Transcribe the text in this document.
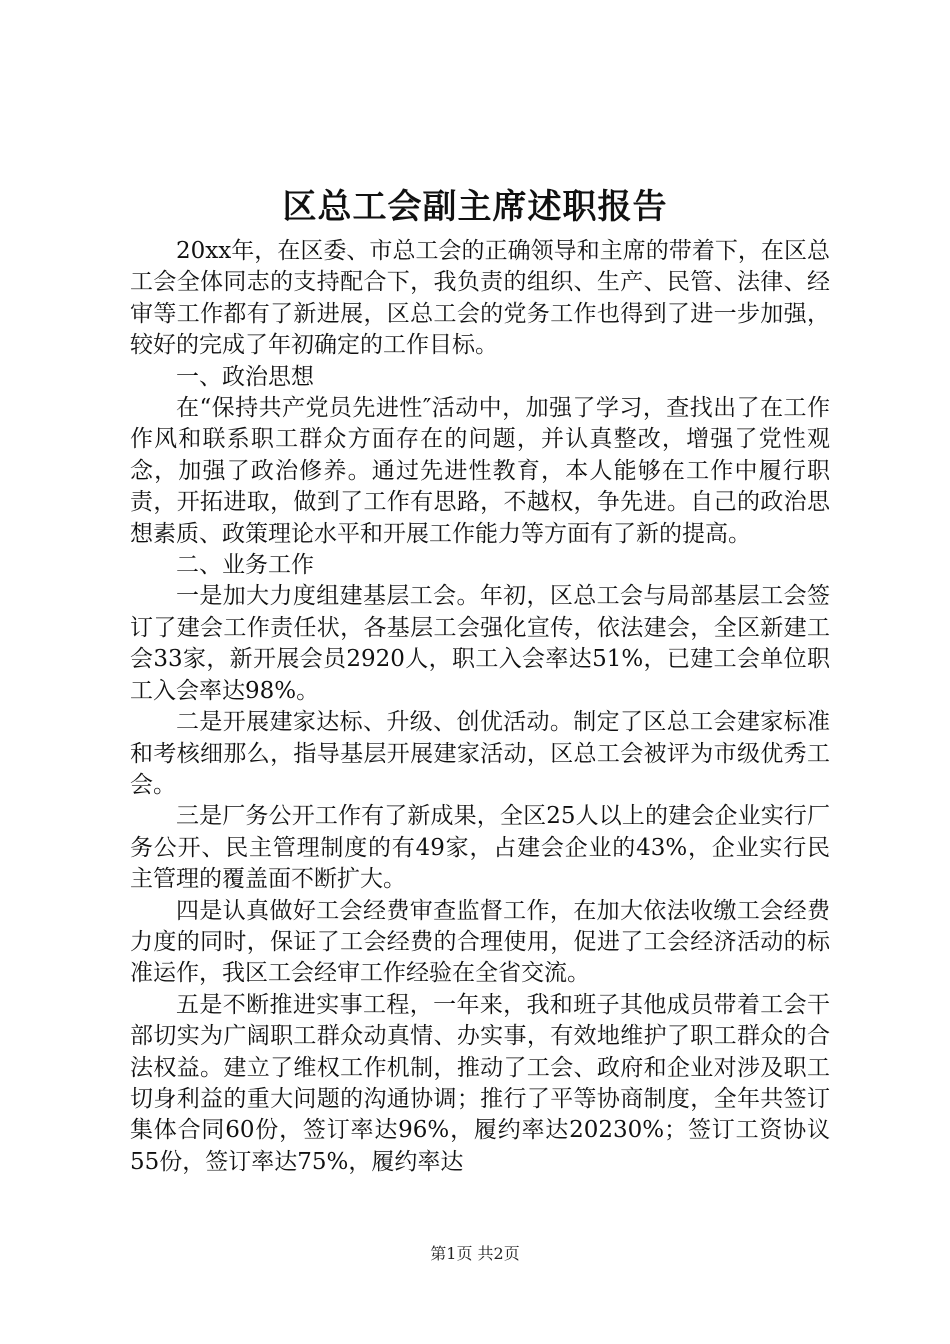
区总工会副主席述职报告

20xx年，在区委、市总工会的正确领导和主席的带着下，在区总工会全体同志的支持配合下，我负责的组织、生产、民管、法律、经审等工作都有了新进展，区总工会的党务工作也得到了进一步加强，较好的完成了年初确定的工作目标。

一、政治思想

在“保持共产党员先进性″活动中，加强了学习，查找出了在工作作风和联系职工群众方面存在的问题，并认真整改，增强了党性观念，加强了政治修养。通过先进性教育，本人能够在工作中履行职责，开拓进取，做到了工作有思路，不越权，争先进。自己的政治思想素质、政策理论水平和开展工作能力等方面有了新的提高。

二、业务工作

一是加大力度组建基层工会。年初，区总工会与局部基层工会签订了建会工作责任状，各基层工会强化宣传，依法建会，全区新建工会33家，新开展会员2920人，职工入会率达51%，已建工会单位职工入会率达98%。

二是开展建家达标、升级、创优活动。制定了区总工会建家标准和考核细那么，指导基层开展建家活动，区总工会被评为市级优秀工会。

三是厂务公开工作有了新成果，全区25人以上的建会企业实行厂务公开、民主管理制度的有49家，占建会企业的43%，企业实行民主管理的覆盖面不断扩大。

四是认真做好工会经费审查监督工作，在加大依法收缴工会经费力度的同时，保证了工会经费的合理使用，促进了工会经济活动的标准运作，我区工会经审工作经验在全省交流。

五是不断推进实事工程，一年来，我和班子其他成员带着工会干部切实为广阔职工群众动真情、办实事，有效地维护了职工群众的合法权益。建立了维权工作机制，推动了工会、政府和企业对涉及职工切身利益的重大问题的沟通协调；推行了平等协商制度，全年共签订集体合同60份，签订率达96%，履约率达20230%；签订工资协议55份，签订率达75%，履约率达

第1页 共2页
